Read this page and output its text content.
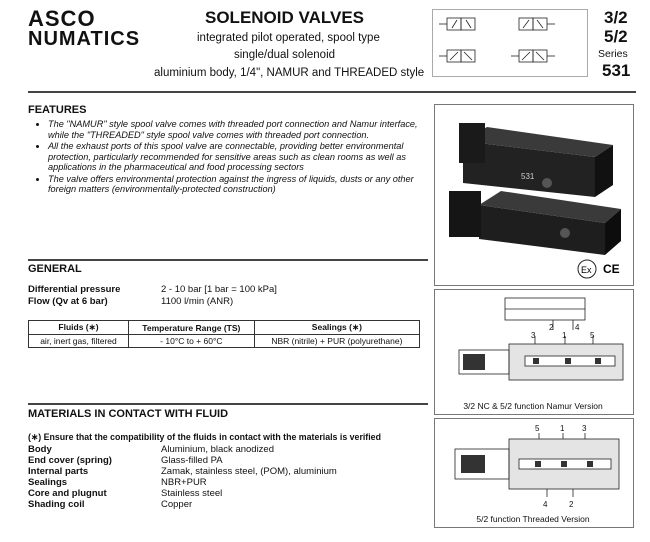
ASCO
NUMATICS
SOLENOID VALVES
integrated pilot operated, spool type
single/dual solenoid
aluminium body, 1/4", NAMUR and THREADED style
3/2
5/2
Series
531
FEATURES
• The "NAMUR" style spool valve comes with threaded port connection and Namur interface, while the "THREADED" style spool valve comes with threaded port connection.
• All the exhaust ports of this spool valve are connectable, providing better environmental protection, particularly recommended for sensitive areas such as clean rooms as well as applications in the pharmaceutical and food processing sectors
• The valve offers environmental protection against the ingress of liquids, dusts or any other foreign matters (environmentally-protected construction)
531
Ex CE
GENERAL
Differential pressure	2 - 10 bar [1 bar = 100 kPa]
Flow (Qv at 6 bar)	1100 l/min (ANR)
Fluids (∗)	Temperature Range (TS)	Sealings (∗)
air, inert gas, filtered	- 10°C to + 60°C	NBR (nitrile) + PUR (polyurethane)
2	4
3	1	5
3/2 NC & 5/2 function Namur Version
MATERIALS IN CONTACT WITH FLUID
(∗) Ensure that the compatibility of the fluids in contact with the materials is verified
Body	Aluminium, black anodized
End cover (spring)	Glass-filled PA
Internal parts	Zamak, stainless steel, (POM), aluminium
Sealings	NBR+PUR
Core and plugnut	Stainless steel
Shading coil	Copper
5	1 3
4	2
5/2 function Threaded Version
